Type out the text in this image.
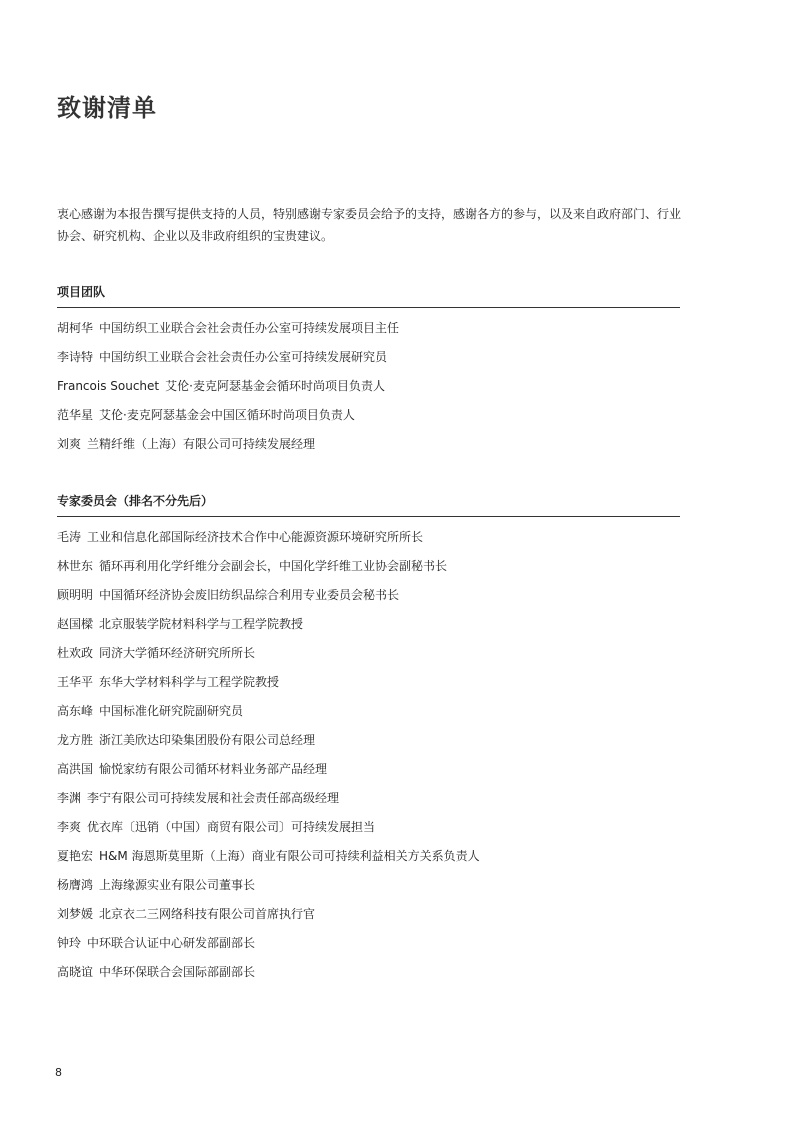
致谢清单

衷心感谢为本报告撰写提供支持的人员，特别感谢专家委员会给予的支持，感谢各方的参与，以及来自政府部门、行业协会、研究机构、企业以及非政府组织的宝贵建议。

项目团队
胡柯华 中国纺织工业联合会社会责任办公室可持续发展项目主任
李诗特 中国纺织工业联合会社会责任办公室可持续发展研究员
Francois Souchet 艾伦·麦克阿瑟基金会循环时尚项目负责人
范华星 艾伦·麦克阿瑟基金会中国区循环时尚项目负责人
刘爽 兰精纤维（上海）有限公司可持续发展经理
专家委员会（排名不分先后）
毛涛 工业和信息化部国际经济技术合作中心能源资源环境研究所所长
林世东 循环再利用化学纤维分会副会长，中国化学纤维工业协会副秘书长
顾明明 中国循环经济协会废旧纺织品综合利用专业委员会秘书长
赵国樑 北京服装学院材料科学与工程学院教授
杜欢政 同济大学循环经济研究所所长
王华平 东华大学材料科学与工程学院教授
高东峰 中国标准化研究院副研究员
龙方胜 浙江美欣达印染集团股份有限公司总经理
高洪国 愉悦家纺有限公司循环材料业务部产品经理
李渊 李宁有限公司可持续发展和社会责任部高级经理
李爽 优衣库〔迅销（中国）商贸有限公司〕可持续发展担当
夏艳宏 H&M 海恩斯莫里斯（上海）商业有限公司可持续利益相关方关系负责人
杨膺鸿 上海缘源实业有限公司董事长
刘梦媛 北京衣二三网络科技有限公司首席执行官
钟玲 中环联合认证中心研发部副部长
高晓谊 中华环保联合会国际部副部长
8
